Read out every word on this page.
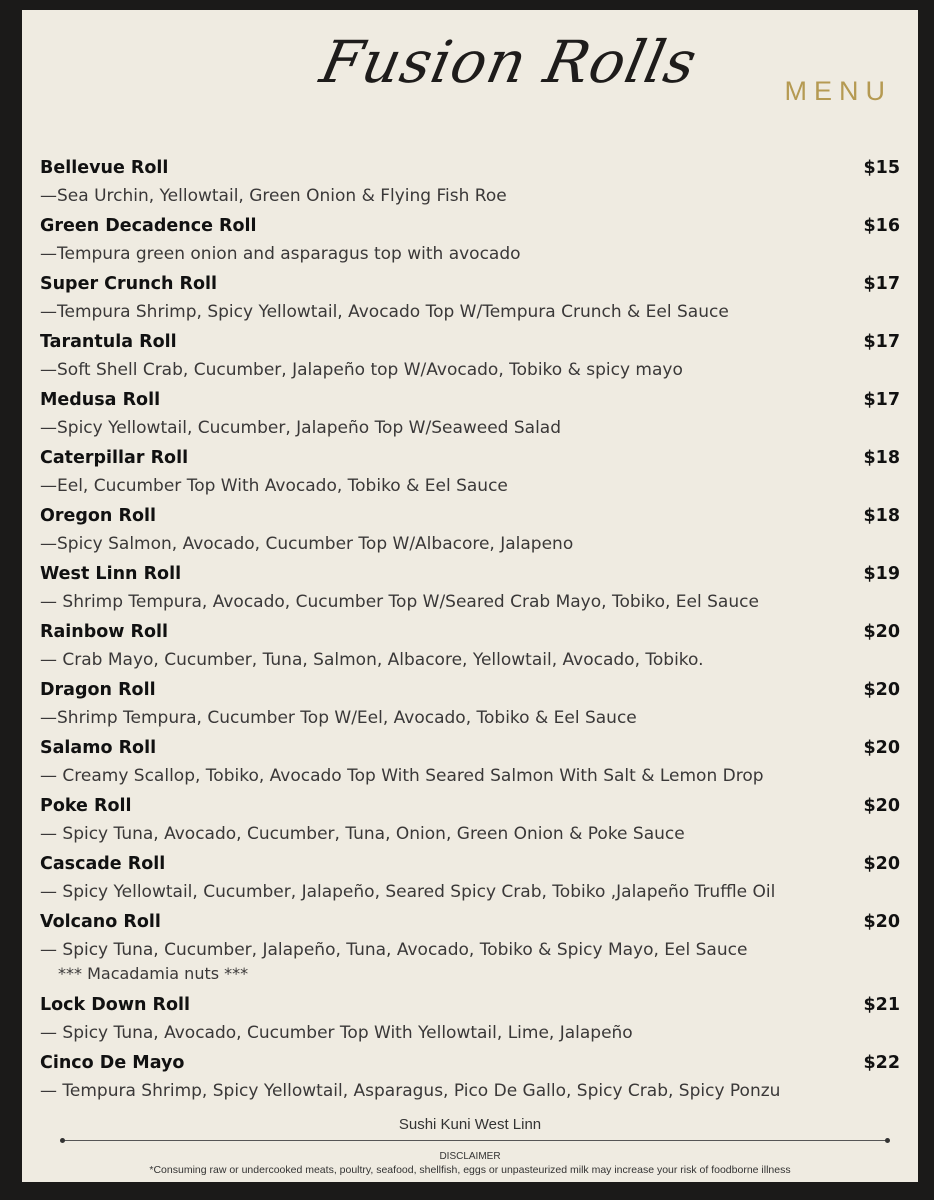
Fusion Rolls	MENU
Bellevue Roll	$15
—Sea Urchin, Yellowtail, Green Onion & Flying Fish Roe
Green Decadence Roll	$16
—Tempura green onion and asparagus top with avocado
Super Crunch Roll	$17
—Tempura Shrimp, Spicy Yellowtail, Avocado Top W/Tempura Crunch & Eel Sauce
Tarantula Roll	$17
—Soft Shell Crab, Cucumber, Jalapeño top W/Avocado, Tobiko & spicy mayo
Medusa Roll	$17
—Spicy Yellowtail, Cucumber, Jalapeño Top W/Seaweed Salad
Caterpillar Roll	$18
—Eel, Cucumber Top With Avocado, Tobiko & Eel Sauce
Oregon Roll	$18
—Spicy Salmon, Avocado, Cucumber Top W/Albacore, Jalapeno
West Linn Roll	$19
— Shrimp Tempura, Avocado, Cucumber Top W/Seared Crab Mayo, Tobiko, Eel Sauce
Rainbow Roll	$20
— Crab Mayo, Cucumber, Tuna, Salmon, Albacore, Yellowtail, Avocado, Tobiko.
Dragon Roll	$20
—Shrimp Tempura, Cucumber Top W/Eel, Avocado, Tobiko & Eel Sauce
Salamo Roll	$20
— Creamy Scallop, Tobiko, Avocado Top With Seared Salmon With Salt & Lemon Drop
Poke Roll	$20
— Spicy Tuna, Avocado, Cucumber, Tuna, Onion, Green Onion & Poke Sauce
Cascade Roll	$20
— Spicy Yellowtail, Cucumber, Jalapeño, Seared Spicy Crab, Tobiko ,Jalapeño Truffle Oil
Volcano Roll	$20
— Spicy Tuna, Cucumber, Jalapeño, Tuna, Avocado, Tobiko & Spicy Mayo, Eel Sauce
*** Macadamia nuts ***
Lock Down Roll	$21
— Spicy Tuna, Avocado, Cucumber Top With Yellowtail, Lime, Jalapeño
Cinco De Mayo	$22
— Tempura Shrimp, Spicy Yellowtail, Asparagus, Pico De Gallo, Spicy Crab, Spicy Ponzu
Sushi Kuni West Linn
DISCLAIMER
*Consuming raw or undercooked meats, poultry, seafood, shellfish, eggs or unpasteurized milk may increase your risk of foodborne illness
